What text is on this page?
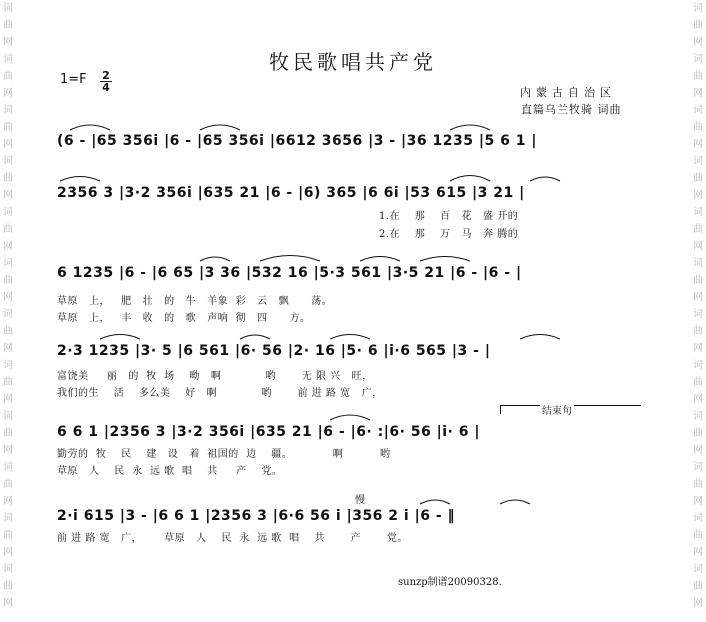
词曲网词曲网词曲网词曲网词曲网词曲网词曲网词曲网词曲网词曲网词曲网词曲网
词曲网词曲网词曲网词曲网词曲网词曲网词曲网词曲网词曲网词曲网词曲网词曲网
牧民歌唱共产党
1=F 2
4	内蒙古自治区
直篇乌兰牧骑 词曲
(6 - |65 356i |6 - |65 356i |6612 3656 |3 - |36 1235 |5 6 1 |
2356 3 |3·2 356i |635 21 |6 - |6) 365 |6 6i |53 615 |3 21 |
1.在    那    百   花   盛 开的
2.在    那    万   马   奔 腾的
6 1235 |6 - |6 65 |3 36 |532 16 |5·3 561 |3·5 21 |6 - |6 - |
草原   上，   肥   壮   的   牛   羊象  彩   云   飘      荡。
草原   上，   丰   收   的   歌   声响  彻   四      方。
2·3 1235 |3· 5 |6 561 |6· 56 |2· 16 |5· 6 |i·6 565 |3 - |
富饶美     丽   的  牧  场    呦   啊            哟       无 限 兴   旺，
我们的生    活    多么美    好   啊            哟       前 进 路 宽   广，
结束句
6 6 1 |2356 3 |3·2 356i |635 21 |6 - |6· :|6· 56 |i· 6 |
勤劳的  牧    民    建   设   着  祖国的  边    疆。           啊          哟
草原   人    民  永  远 歌  唱    共     产    党。
慢
2·i 615 |3 - |6 6 1 |2356 3 |6·6 56 i |356 2 i |6 - ‖
前 进 路 宽   广，      草原   人    民  永  远 歌  唱    共       产       党。
sunzp制谱20090328.
